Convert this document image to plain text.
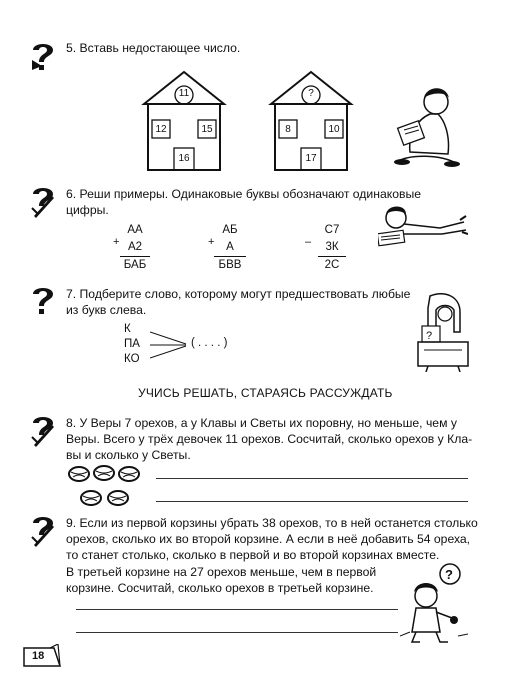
5. Вставь недостающее число.
11
12	15
16
?
8	10
17
6. Реши примеры. Одинаковые буквы обозначают одинаковые
цифры.
+
АА
А2
БАБ
+
АБ
А
БВВ
–
С7
3К
2С
7. Подберите слово, которому могут предшествовать любые
из букв слева.
К
ПА
КО
( . . . . )
?
УЧИСЬ РЕШАТЬ, СТАРАЯСЬ РАССУЖДАТЬ
8. У Веры 7 орехов, а у Клавы и Светы их поровну, но меньше, чем у
Веры. Всего у трёх девочек 11 орехов. Сосчитай, сколько орехов у Кла-
вы и сколько у Светы.
9. Если из первой корзины убрать 38 орехов, то в ней останется столько
орехов, сколько их во второй корзине. А если в неё добавить 54 ореха,
то станет столько, сколько в первой и во второй корзинах вместе.
В третьей корзине на 27 орехов меньше, чем в первой
корзине. Сосчитай, сколько орехов в третьей корзине.
?
18
